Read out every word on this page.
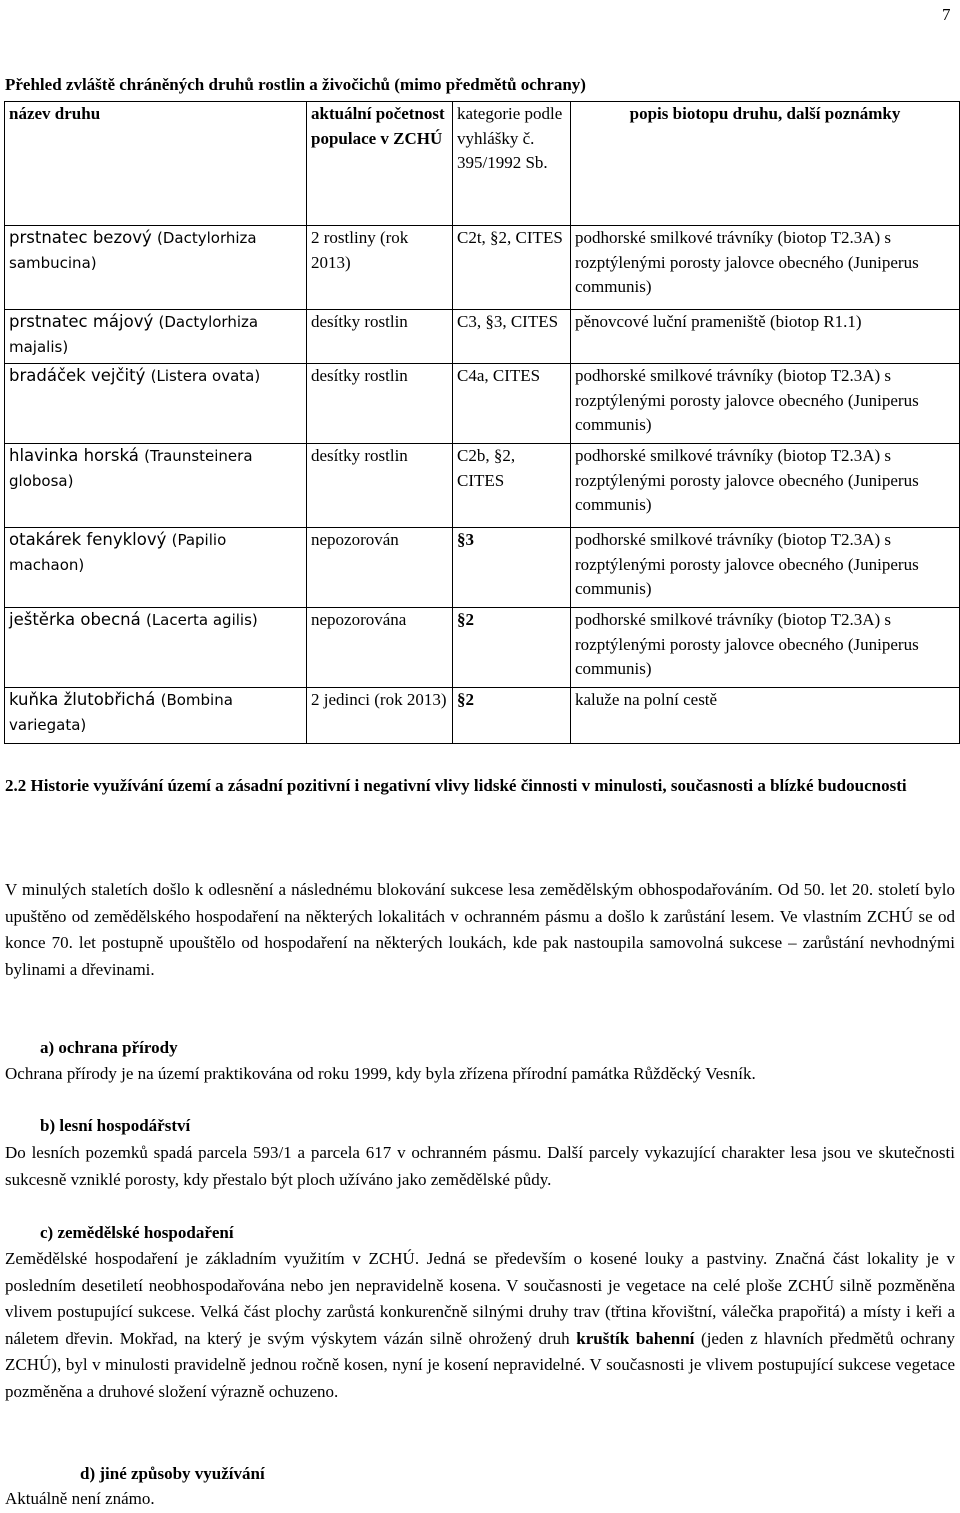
7
Přehled zvláště chráněných druhů rostlin a živočichů (mimo předmětů ochrany)
název druhu	aktuální početnost populace v ZCHÚ	kategorie podle vyhlášky č. 395/1992 Sb.	popis biotopu druhu, další poznámky
prstnatec bezový (Dactylorhiza sambucina)	2 rostliny (rok 2013)	C2t, §2, CITES	podhorské smilkové trávníky (biotop T2.3A) s rozptýlenými porosty jalovce obecného (Juniperus communis)
prstnatec májový (Dactylorhiza majalis)	desítky rostlin	C3, §3, CITES	pěnovcové luční prameniště (biotop R1.1)
bradáček vejčitý (Listera ovata)	desítky rostlin	C4a, CITES	podhorské smilkové trávníky (biotop T2.3A) s rozptýlenými porosty jalovce obecného (Juniperus communis)
hlavinka horská (Traunsteinera globosa)	desítky rostlin	C2b, §2, CITES	podhorské smilkové trávníky (biotop T2.3A) s rozptýlenými porosty jalovce obecného (Juniperus communis)
otakárek fenyklový (Papilio machaon)	nepozorován	§3	podhorské smilkové trávníky (biotop T2.3A) s rozptýlenými porosty jalovce obecného (Juniperus communis)
ještěrka obecná (Lacerta agilis)	nepozorována	§2	podhorské smilkové trávníky (biotop T2.3A) s rozptýlenými porosty jalovce obecného (Juniperus communis)
kuňka žlutobřichá (Bombina variegata)	2 jedinci (rok 2013)	§2	kaluže na polní cestě
2.2 Historie využívání území a zásadní pozitivní i negativní vlivy lidské činnosti v minulosti, současnosti a blízké budoucnosti
V minulých staletích došlo k odlesnění a následnému blokování sukcese lesa zemědělským obhospodařováním. Od 50. let 20. století bylo upuštěno od zemědělského hospodaření na některých lokalitách v ochranném pásmu a došlo k zarůstání lesem. Ve vlastním ZCHÚ se od konce 70. let postupně upouštělo od hospodaření na některých loukách, kde pak nastoupila samovolná sukcese – zarůstání nevhodnými bylinami a dřevinami.
a) ochrana přírody
Ochrana přírody je na území praktikována od roku 1999, kdy byla zřízena přírodní památka Růžděcký Vesník.
b) lesní hospodářství
Do lesních pozemků spadá parcela 593/1 a parcela 617 v ochranném pásmu. Další parcely vykazující charakter lesa jsou ve skutečnosti sukcesně vzniklé porosty, kdy přestalo být ploch užíváno jako zemědělské půdy.
c) zemědělské hospodaření
Zemědělské hospodaření je základním využitím v ZCHÚ. Jedná se především o kosené louky a pastviny. Značná část lokality je v posledním desetiletí neobhospodařována nebo jen nepravidelně kosena. V současnosti je vegetace na celé ploše ZCHÚ silně pozměněna vlivem postupující sukcese. Velká část plochy zarůstá konkurenčně silnými druhy trav (třtina křovištní, válečka prapořitá) a místy i keři a náletem dřevin. Mokřad, na který je svým výskytem vázán silně ohrožený druh kruštík bahenní (jeden z hlavních předmětů ochrany ZCHÚ), byl v minulosti pravidelně jednou ročně kosen, nyní je kosení nepravidelné. V současnosti je vlivem postupující sukcese vegetace pozměněna a druhové složení výrazně ochuzeno.
d) jiné způsoby využívání
Aktuálně není známo.
